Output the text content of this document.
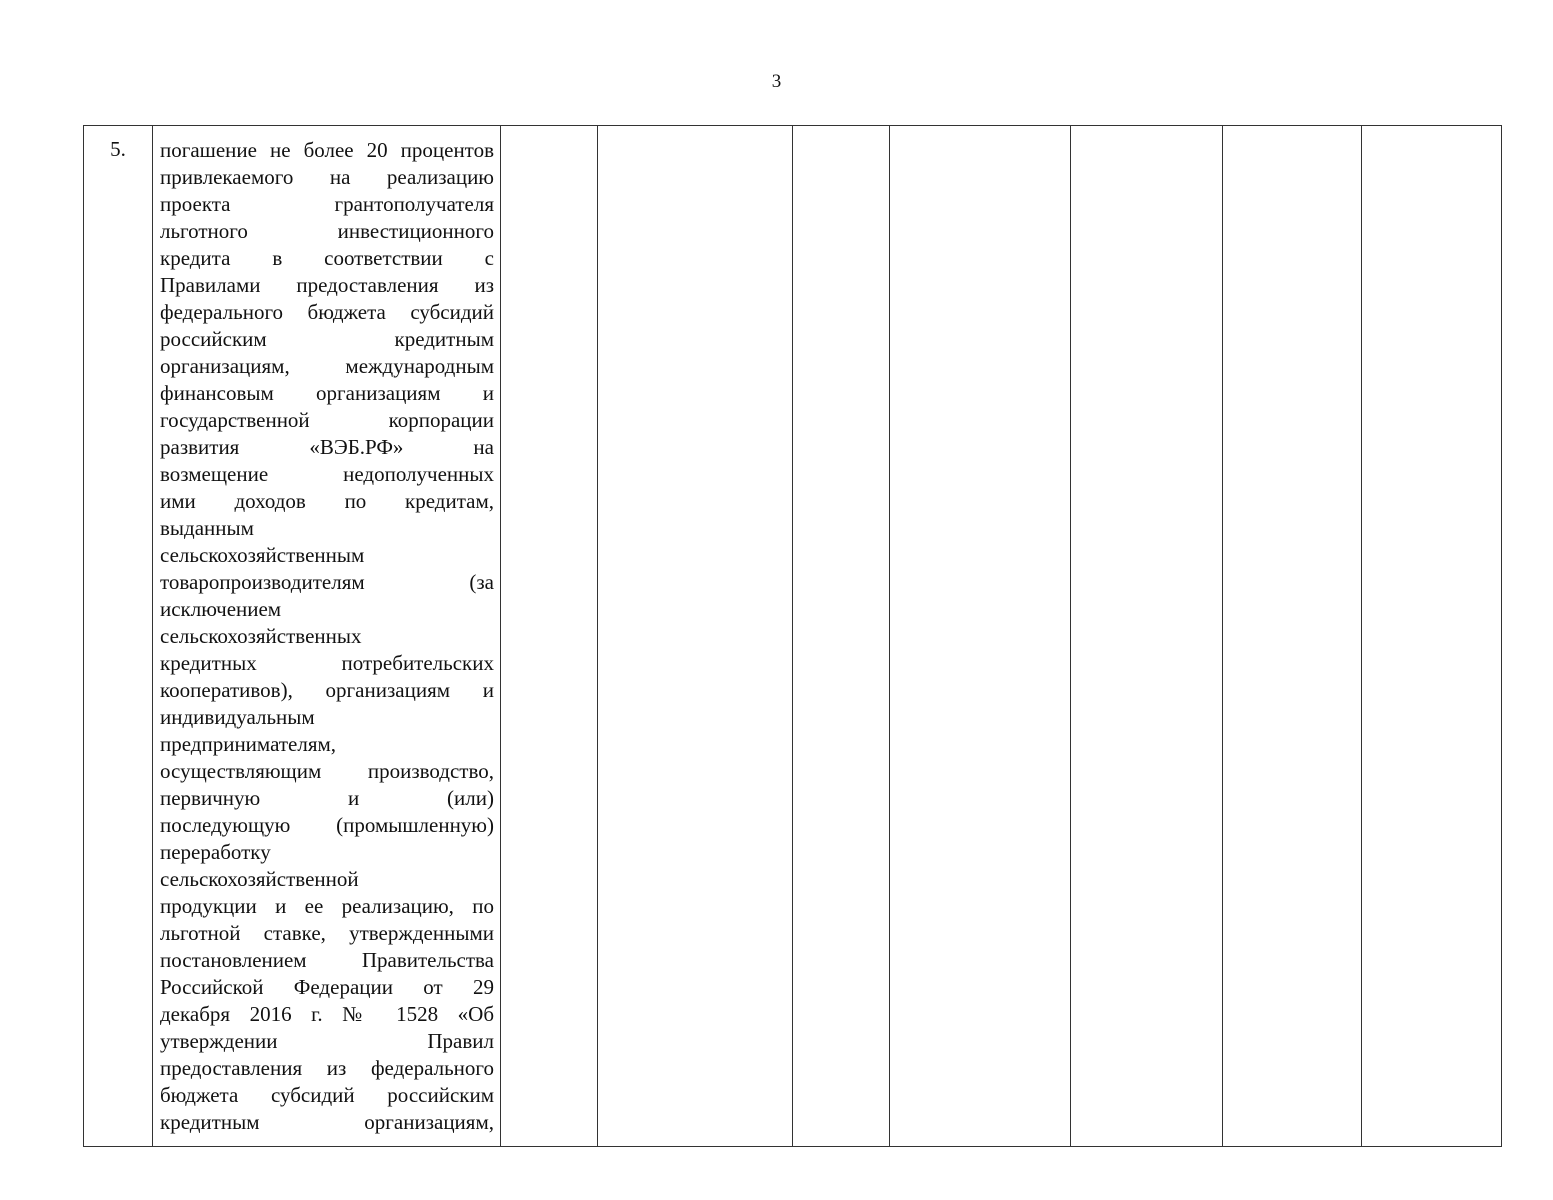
3
5.	погашение не более 20 процентов
привлекаемого на реализацию
проекта грантополучателя
льготного инвестиционного
кредита в соответствии с
Правилами предоставления из
федерального бюджета субсидий
российским кредитным
организациям, международным
финансовым организациям и
государственной корпорации
развития «ВЭБ.РФ» на
возмещение недополученных
ими доходов по кредитам,
выданным
сельскохозяйственным
товаропроизводителям (за
исключением
сельскохозяйственных
кредитных потребительских
кооперативов), организациям и
индивидуальным
предпринимателям,
осуществляющим производство,
первичную и (или)
последующую (промышленную)
переработку
сельскохозяйственной
продукции и ее реализацию, по
льготной ставке, утвержденными
постановлением Правительства
Российской Федерации от 29
декабря 2016 г. № 1528 «Об
утверждении Правил
предоставления из федерального
бюджета субсидий российским
кредитным организациям,
